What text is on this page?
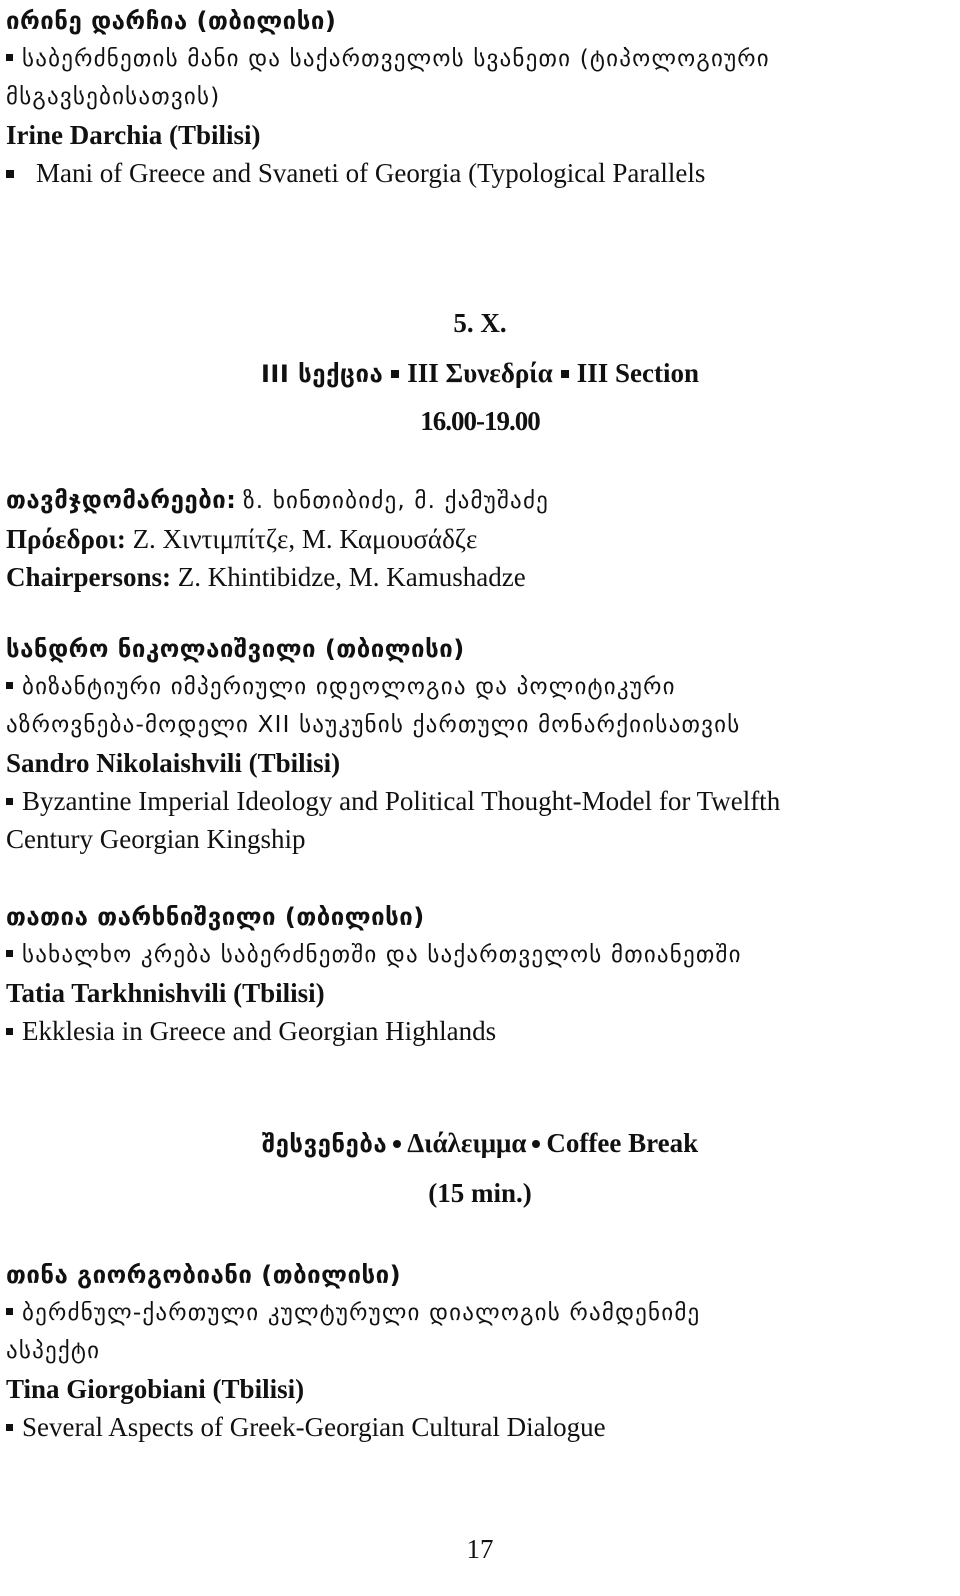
ირინე დარჩია (თბილისი)
საბერძნეთის მანი და საქართველოს სვანეთი (ტიპოლოგიური
მსგავსებისათვის)
Irine Darchia (Tbilisi)
Mani of Greece and Svaneti of Georgia (Typological Parallels
5. X.
III სექცია III Συνεδρία III Section
16.00-19.00
თავმჯდომარეები: ზ. ხინთიბიძე, მ. ქამუშაძე
Πρόεδροι: Z. Χιντιμπίτζε, M. Καμουσάδζε
Chairpersons: Z. Khintibidze, M. Kamushadze
სანდრო ნიკოლაიშვილი (თბილისი)
ბიზანტიური იმპერიული იდეოლოგია და პოლიტიკური
აზროვნება-მოდელი XII საუკუნის ქართული მონარქიისათვის
Sandro Nikolaishvili (Tbilisi)
Byzantine Imperial Ideology and Political Thought-Model for Twelfth
Century Georgian Kingship
თათია თარხნიშვილი (თბილისი)
სახალხო კრება საბერძნეთში და საქართველოს მთიანეთში
Tatia Tarkhnishvili (Tbilisi)
Ekklesia in Greece and Georgian Highlands
შესვენება Διάλειμμα Coffee Break
(15 min.)
თინა გიორგობიანი (თბილისი)
ბერძნულ-ქართული კულტურული დიალოგის რამდენიმე
ასპექტი
Tina Giorgobiani (Tbilisi)
Several Aspects of Greek-Georgian Cultural Dialogue
17
